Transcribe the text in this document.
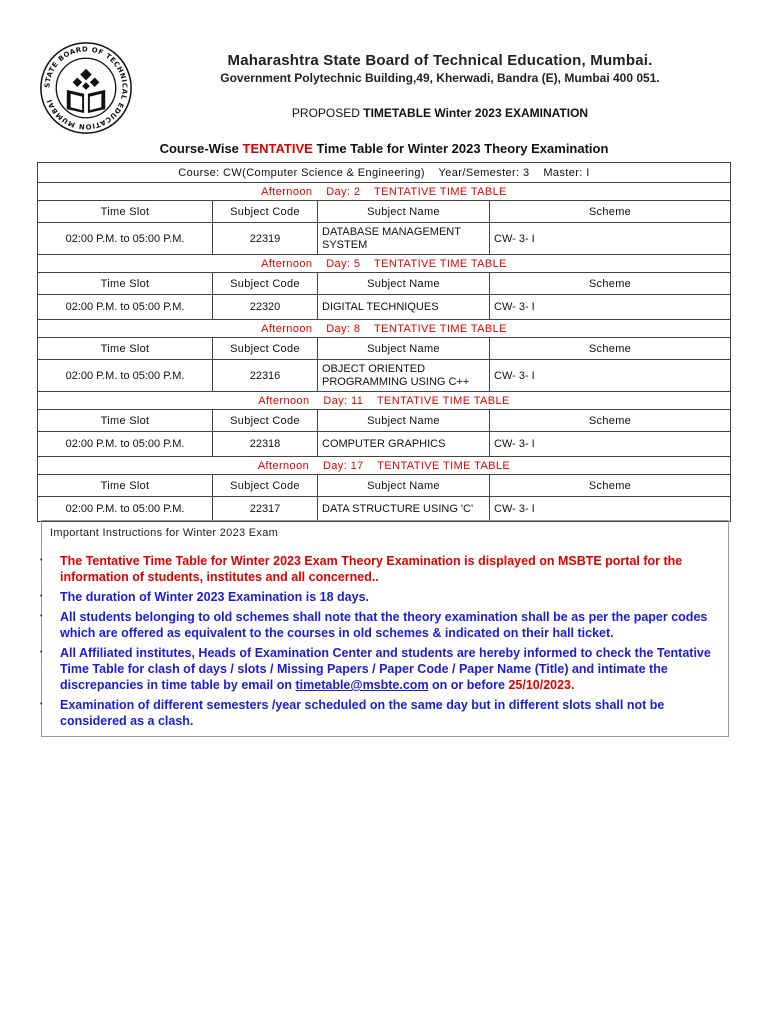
STATE BOARD OF TECHNICAL EDUCATION MUMBAI
Maharashtra State Board of Technical Education, Mumbai.
Government Polytechnic Building,49, Kherwadi, Bandra (E), Mumbai 400 051.
PROPOSED TIMETABLE Winter 2023 EXAMINATION
Course-Wise TENTATIVE Time Table for Winter 2023 Theory Examination
Course: CW(Computer Science & Engineering)    Year/Semester: 3    Master: I			
Afternoon    Day: 2    TENTATIVE TIME TABLE			
Time Slot	Subject Code	Subject Name	Scheme
02:00 P.M. to 05:00 P.M.	22319	DATABASE MANAGEMENT SYSTEM	CW- 3- I
Afternoon    Day: 5    TENTATIVE TIME TABLE			
Time Slot	Subject Code	Subject Name	Scheme
02:00 P.M. to 05:00 P.M.	22320	DIGITAL TECHNIQUES	CW- 3- I
Afternoon    Day: 8    TENTATIVE TIME TABLE			
Time Slot	Subject Code	Subject Name	Scheme
02:00 P.M. to 05:00 P.M.	22316	OBJECT ORIENTED PROGRAMMING USING C++	CW- 3- I
Afternoon    Day: 11    TENTATIVE TIME TABLE			
Time Slot	Subject Code	Subject Name	Scheme
02:00 P.M. to 05:00 P.M.	22318	COMPUTER GRAPHICS	CW- 3- I
Afternoon    Day: 17    TENTATIVE TIME TABLE			
Time Slot	Subject Code	Subject Name	Scheme
02:00 P.M. to 05:00 P.M.	22317	DATA STRUCTURE USING 'C'	CW- 3- I
Important Instructions for Winter 2023 Exam
• The Tentative Time Table for Winter 2023 Exam Theory Examination is displayed on MSBTE portal for the information of students, institutes and all concerned..
• The duration of Winter 2023 Examination is 18 days.
• All students belonging to old schemes shall note that the theory examination shall be as per the paper codes which are offered as equivalent to the courses in old schemes & indicated on their hall ticket.
• All Affiliated institutes, Heads of Examination Center and students are hereby informed to check the Tentative Time Table for clash of days / slots / Missing Papers / Paper Code / Paper Name (Title) and intimate the discrepancies in time table by email on timetable@msbte.com on or before 25/10/2023.
• Examination of different semesters /year scheduled on the same day but in different slots shall not be considered as a clash.
